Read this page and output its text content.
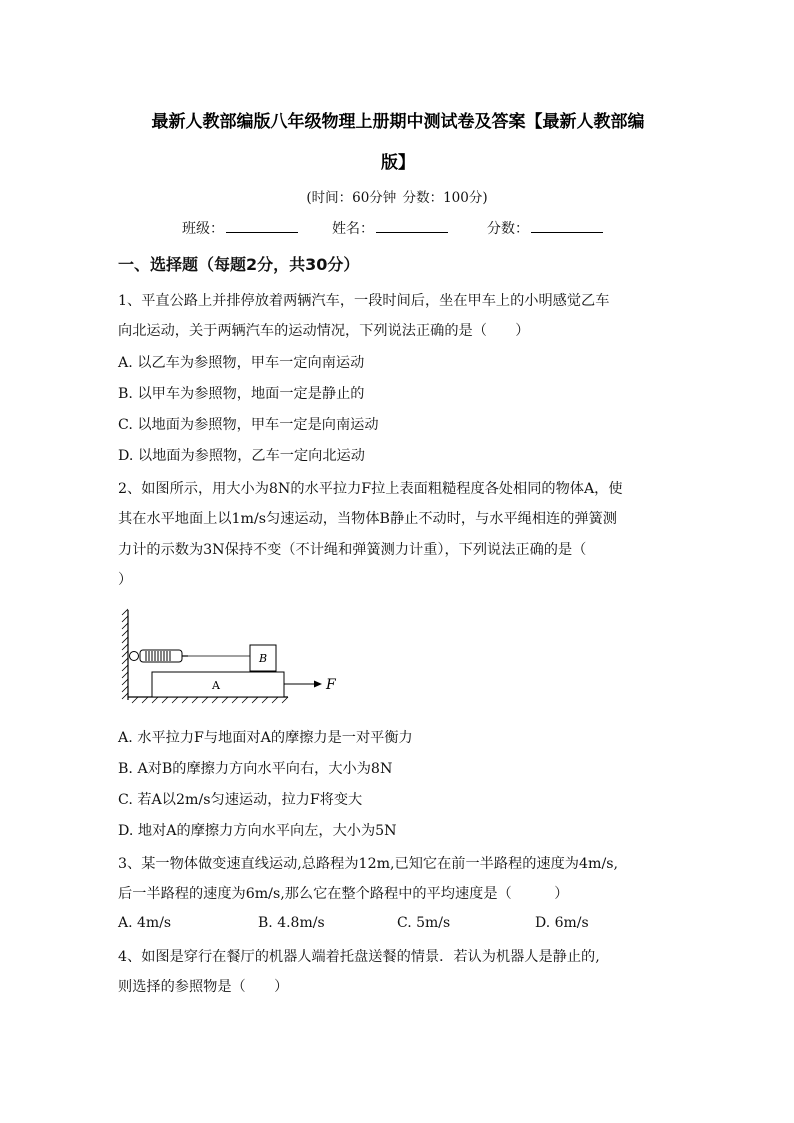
最新人教部编版八年级物理上册期中测试卷及答案【最新人教部编
版】
(时间：60分钟 分数：100分)
班级：	姓名：	分数：
一、选择题（每题2分，共30分）
1、平直公路上并排停放着两辆汽车，一段时间后，坐在甲车上的小明感觉乙车
向北运动，关于两辆汽车的运动情况，下列说法正确的是（　　）
A. 以乙车为参照物，甲车一定向南运动
B. 以甲车为参照物，地面一定是静止的
C. 以地面为参照物，甲车一定是向南运动
D. 以地面为参照物，乙车一定向北运动
2、如图所示，用大小为8N的水平拉力F拉上表面粗糙程度各处相同的物体A，使
其在水平地面上以1m/s匀速运动，当物体B静止不动时，与水平绳相连的弹簧测
力计的示数为3N保持不变（不计绳和弹簧测力计重），下列说法正确的是（
）
B
A	F
A. 水平拉力F与地面对A的摩擦力是一对平衡力
B. A对B的摩擦力方向水平向右，大小为8N
C. 若A以2m/s匀速运动，拉力F将变大
D. 地对A的摩擦力方向水平向左，大小为5N
3、某一物体做变速直线运动,总路程为12m,已知它在前一半路程的速度为4m/s,
后一半路程的速度为6m/s,那么它在整个路程中的平均速度是（　　　）
A. 4m/s	B. 4.8m/s	C. 5m/s	D. 6m/s
4、如图是穿行在餐厅的机器人端着托盘送餐的情景．若认为机器人是静止的,
则选择的参照物是（　　）
